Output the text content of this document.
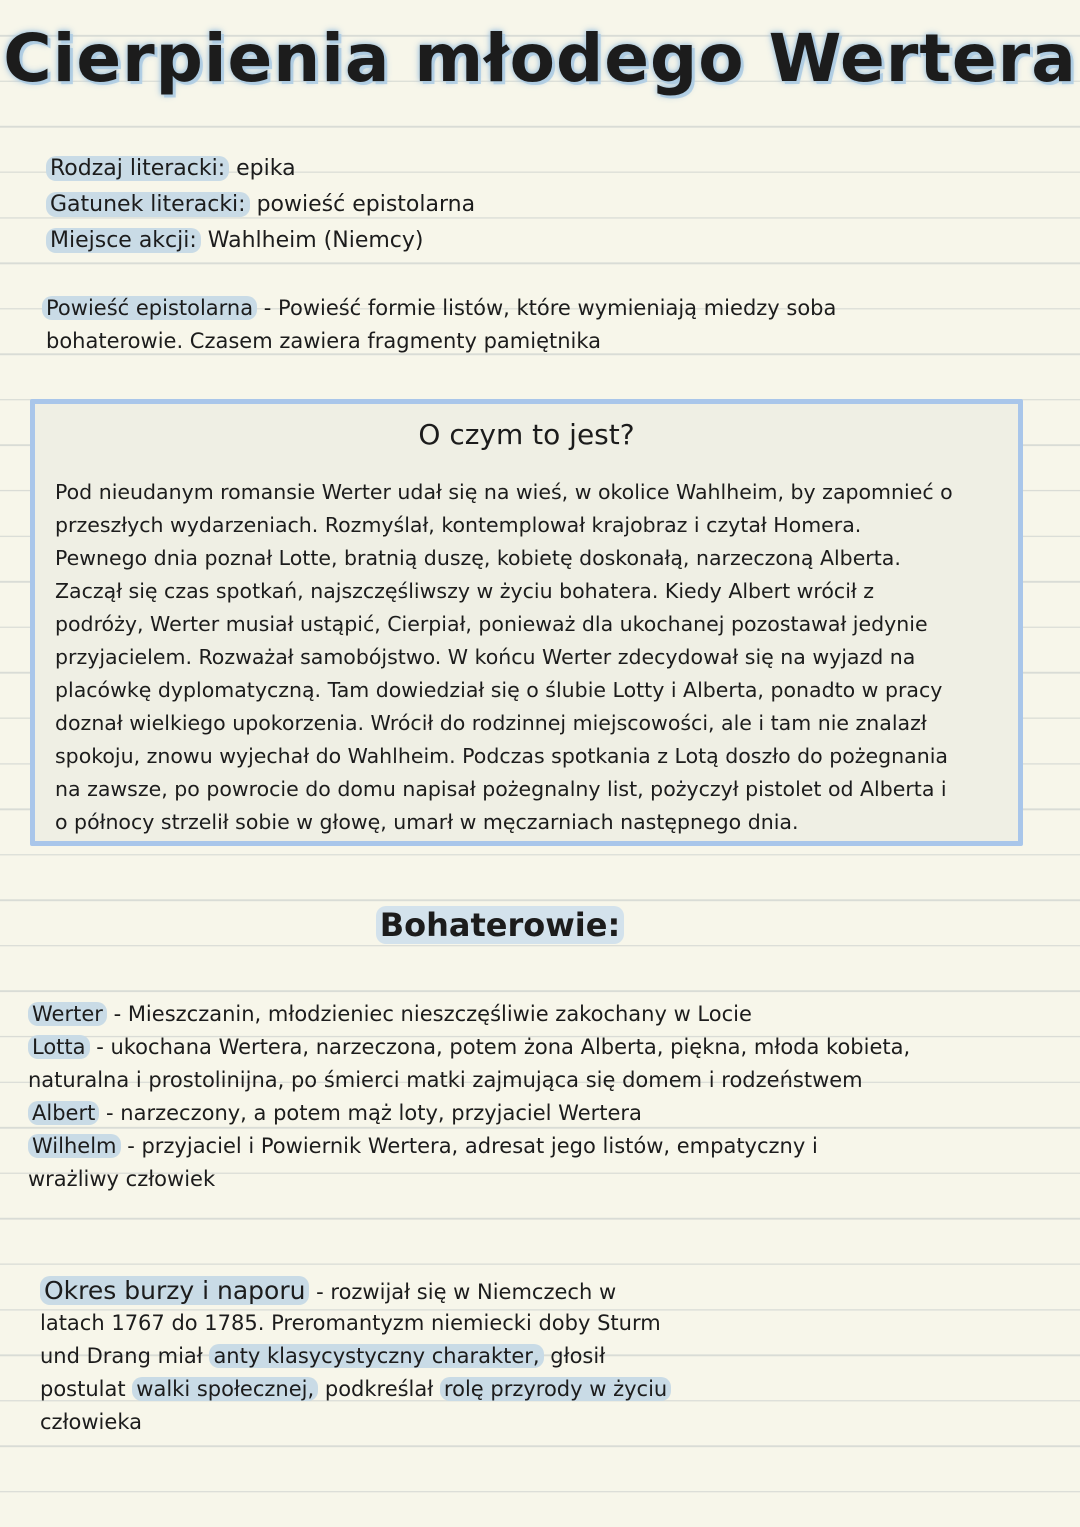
Cierpienia młodego Wertera
Rodzaj literacki: epika
Gatunek literacki: powieść epistolarna
Miejsce akcji: Wahlheim (Niemcy)
Powieść epistolarna - Powieść formie listów, które wymieniają miedzy soba
bohaterowie. Czasem zawiera fragmenty pamiętnika
O czym to jest?
Pod nieudanym romansie Werter udał się na wieś, w okolice Wahlheim, by zapomnieć o
przeszłych wydarzeniach. Rozmyślał, kontemplował krajobraz i czytał Homera.
Pewnego dnia poznał Lotte, bratnią duszę, kobietę doskonałą, narzeczoną Alberta.
Zaczął się czas spotkań, najszczęśliwszy w życiu bohatera. Kiedy Albert wrócił z
podróży, Werter musiał ustąpić, Cierpiał, ponieważ dla ukochanej pozostawał jedynie
przyjacielem. Rozważał samobójstwo. W końcu Werter zdecydował się na wyjazd na
placówkę dyplomatyczną. Tam dowiedział się o ślubie Lotty i Alberta, ponadto w pracy
doznał wielkiego upokorzenia. Wrócił do rodzinnej miejscowości, ale i tam nie znalazł
spokoju, znowu wyjechał do Wahlheim. Podczas spotkania z Lotą doszło do pożegnania
na zawsze, po powrocie do domu napisał pożegnalny list, pożyczył pistolet od Alberta i
o północy strzelił sobie w głowę, umarł w męczarniach następnego dnia.
Bohaterowie:
Werter - Mieszczanin, młodzieniec nieszczęśliwie zakochany w Locie
Lotta - ukochana Wertera, narzeczona, potem żona Alberta, piękna, młoda kobieta,
naturalna i prostolinijna, po śmierci matki zajmująca się domem i rodzeństwem
Albert - narzeczony, a potem mąż loty, przyjaciel Wertera
Wilhelm - przyjaciel i Powiernik Wertera, adresat jego listów, empatyczny i
wrażliwy człowiek
Okres burzy i naporu - rozwijał się w Niemczech w
latach 1767 do 1785. Preromantyzm niemiecki doby Sturm
und Drang miał anty klasycystyczny charakter, głosił
postulat walki społecznej, podkreślał rolę przyrody w życiu
człowieka
